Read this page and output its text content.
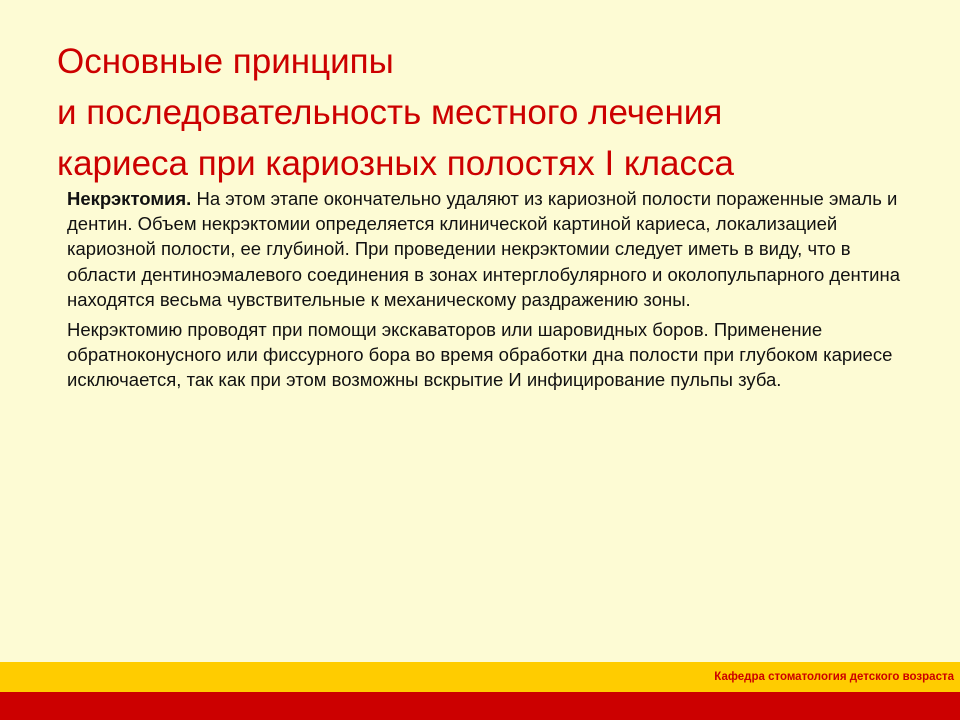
Основные принципы
и последовательность местного лечения
кариеса при кариозных полостях I класса

Некрэктомия. На этом этапе окончательно удаляют из кариозной полости пораженные эмаль и дентин. Объем некрэктомии определяется клинической картиной кариеса, локализацией кариозной полости, ее глубиной. При проведении некрэктомии следует иметь в виду, что в области дентиноэмалевого соединения в зонах интерглобулярного и околопульпарного дентина находятся весьма чувствительные к механическому раздражению зоны.

Некрэктомию проводят при помощи экскаваторов или шаровидных боров. Применение обратноконусного или фиссурного бора во время обработки дна полости при глубоком кариесе исключается, так как при этом возможны вскрытие И инфицирование пульпы зуба.

Кафедра стоматология детского возраста
